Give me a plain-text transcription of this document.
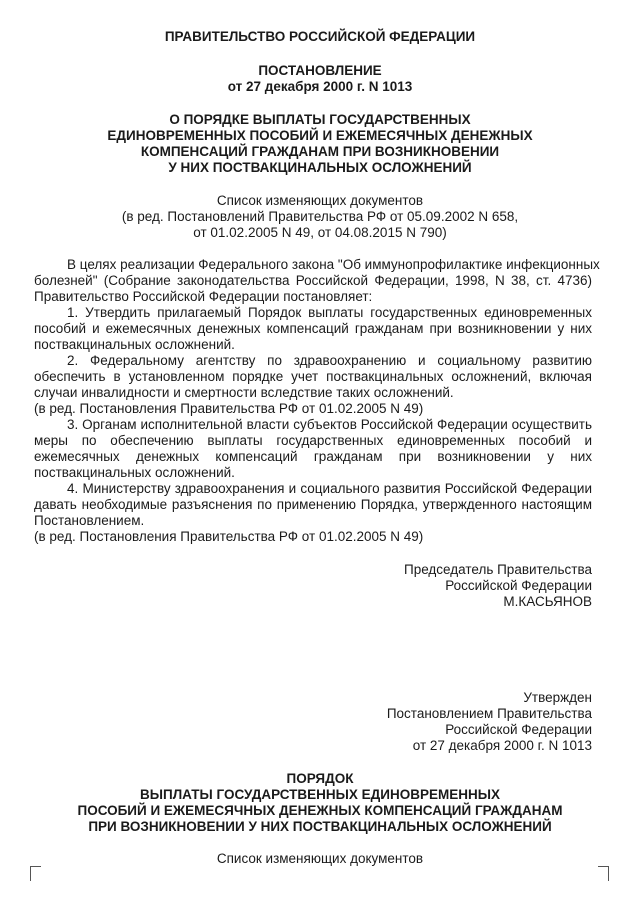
ПРАВИТЕЛЬСТВО РОССИЙСКОЙ ФЕДЕРАЦИИ
ПОСТАНОВЛЕНИЕ
от 27 декабря 2000 г. N 1013
О ПОРЯДКЕ ВЫПЛАТЫ ГОСУДАРСТВЕННЫХ
ЕДИНОВРЕМЕННЫХ ПОСОБИЙ И ЕЖЕМЕСЯЧНЫХ ДЕНЕЖНЫХ
КОМПЕНСАЦИЙ ГРАЖДАНАМ ПРИ ВОЗНИКНОВЕНИИ
У НИХ ПОСТВАКЦИНАЛЬНЫХ ОСЛОЖНЕНИЙ
Список изменяющих документов
(в ред. Постановлений Правительства РФ от 05.09.2002 N 658,
от 01.02.2005 N 49, от 04.08.2015 N 790)
В целях реализации Федерального закона "Об иммунопрофилактике инфекционных
болезней" (Собрание законодательства Российской Федерации, 1998, N 38, ст. 4736)
Правительство Российской Федерации постановляет:
1. Утвердить прилагаемый Порядок выплаты государственных единовременных
пособий и ежемесячных денежных компенсаций гражданам при возникновении у них
поствакцинальных осложнений.
2. Федеральному агентству по здравоохранению и социальному развитию
обеспечить в установленном порядке учет поствакцинальных осложнений, включая
случаи инвалидности и смертности вследствие таких осложнений.
(в ред. Постановления Правительства РФ от 01.02.2005 N 49)
3. Органам исполнительной власти субъектов Российской Федерации осуществить
меры по обеспечению выплаты государственных единовременных пособий и
ежемесячных денежных компенсаций гражданам при возникновении у них
поствакцинальных осложнений.
4. Министерству здравоохранения и социального развития Российской Федерации
давать необходимые разъяснения по применению Порядка, утвержденного настоящим
Постановлением.
(в ред. Постановления Правительства РФ от 01.02.2005 N 49)
Председатель Правительства
Российской Федерации
М.КАСЬЯНОВ
Утвержден
Постановлением Правительства
Российской Федерации
от 27 декабря 2000 г. N 1013
ПОРЯДОК
ВЫПЛАТЫ ГОСУДАРСТВЕННЫХ ЕДИНОВРЕМЕННЫХ
ПОСОБИЙ И ЕЖЕМЕСЯЧНЫХ ДЕНЕЖНЫХ КОМПЕНСАЦИЙ ГРАЖДАНАМ
ПРИ ВОЗНИКНОВЕНИИ У НИХ ПОСТВАКЦИНАЛЬНЫХ ОСЛОЖНЕНИЙ
Список изменяющих документов
